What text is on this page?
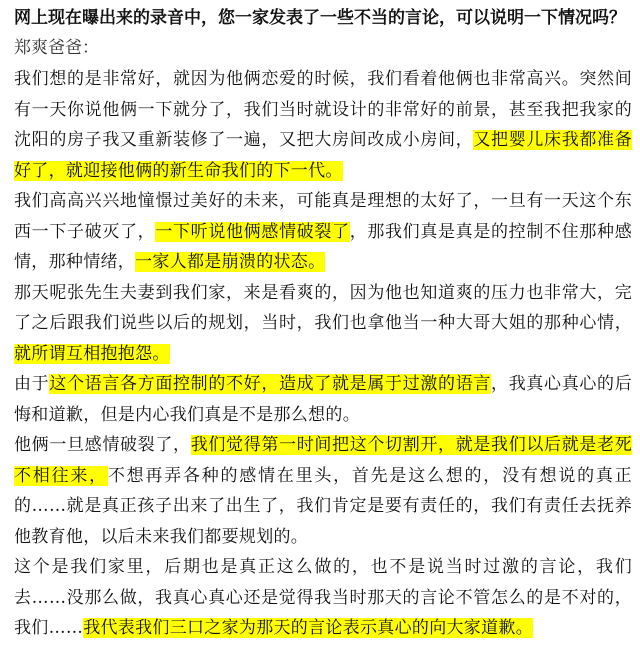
网上现在曝出来的录音中，您一家发表了一些不当的言论，可以说明一下情况吗？
郑爽爸爸：

我们想的是非常好，就因为他俩恋爱的时候，我们看着他俩也非常高兴。突然间有一天你说他俩一下就分了，我们当时就设计的非常好的前景，甚至我把我家的沈阳的房子我又重新装修了一遍，又把大房间改成小房间，又把婴儿床我都准备好了，就迎接他俩的新生命我们的下一代。

我们高高兴兴地憧憬过美好的未来，可能真是理想的太好了，一旦有一天这个东西一下子破灭了，一下听说他俩感情破裂了，那我们真是真是的控制不住那种感情，那种情绪，一家人都是崩溃的状态。

那天呢张先生夫妻到我们家，来是看爽的，因为他也知道爽的压力也非常大，完了之后跟我们说些以后的规划，当时，我们也拿他当一种大哥大姐的那种心情，就所谓互相抱抱怨。

由于这个语言各方面控制的不好，造成了就是属于过激的语言，我真心真心的后悔和道歉，但是内心我们真是不是那么想的。

他俩一旦感情破裂了，我们觉得第一时间把这个切割开，就是我们以后就是老死不相往来，不想再弄各种的感情在里头，首先是这么想的，没有想说的真正的……就是真正孩子出来了出生了，我们肯定是要有责任的，我们有责任去抚养他教育他，以后未来我们都要规划的。

这个是我们家里，后期也是真正这么做的，也不是说当时过激的言论，我们去……没那么做，我真心真心还是觉得我当时那天的言论不管怎么的是不对的，我们……我代表我们三口之家为那天的言论表示真心的向大家道歉。
